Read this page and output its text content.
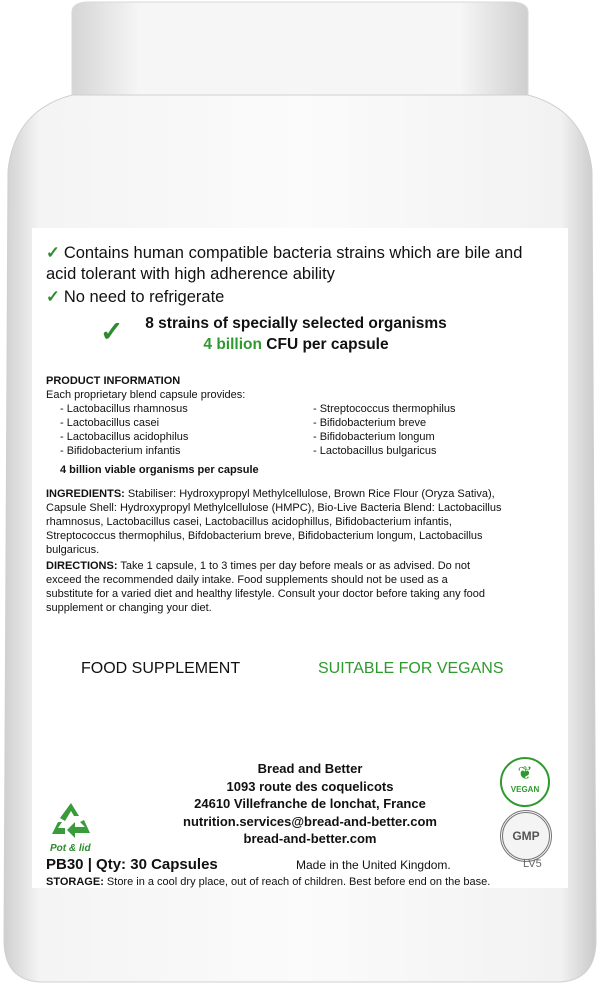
✓ Contains human compatible bacteria strains which are bile and
acid tolerant with high adherence ability
✓ No need to refrigerate
✓	8 strains of specially selected organisms
4 billion CFU per capsule
PRODUCT INFORMATION
Each proprietary blend capsule provides:
- Lactobacillus rhamnosus
- Lactobacillus casei
- Lactobacillus acidophilus
- Bifidobacterium infantis
- Streptococcus thermophilus
- Bifidobacterium breve
- Bifidobacterium longum
- Lactobacillus bulgaricus
4 billion viable organisms per capsule
INGREDIENTS: Stabiliser: Hydroxypropyl Methylcellulose, Brown Rice Flour (Oryza Sativa),
Capsule Shell: Hydroxypropyl Methylcellulose (HMPC), Bio-Live Bacteria Blend: Lactobacillus
rhamnosus, Lactobacillus casei, Lactobacillus acidophillus, Bifidobacterium infantis,
Streptococcus thermophilus, Bifdobacterium breve, Bifidobacterium longum, Lactobacillus
bulgaricus.
DIRECTIONS: Take 1 capsule, 1 to 3 times per day before meals or as advised. Do not
exceed the recommended daily intake. Food supplements should not be used as a
substitute for a varied diet and healthy lifestyle. Consult your doctor before taking any food
supplement or changing your diet.
FOOD SUPPLEMENT	SUITABLE FOR VEGANS
Bread and Better
1093 route des coquelicots
24610 Villefranche de lonchat, France
nutrition.services@bread-and-better.com
bread-and-better.com
Pot & lid
❦
VEGAN
GMP
PB30 | Qty: 30 Capsules	Made in the United Kingdom.	LV5
STORAGE: Store in a cool dry place, out of reach of children. Best before end on the base.
